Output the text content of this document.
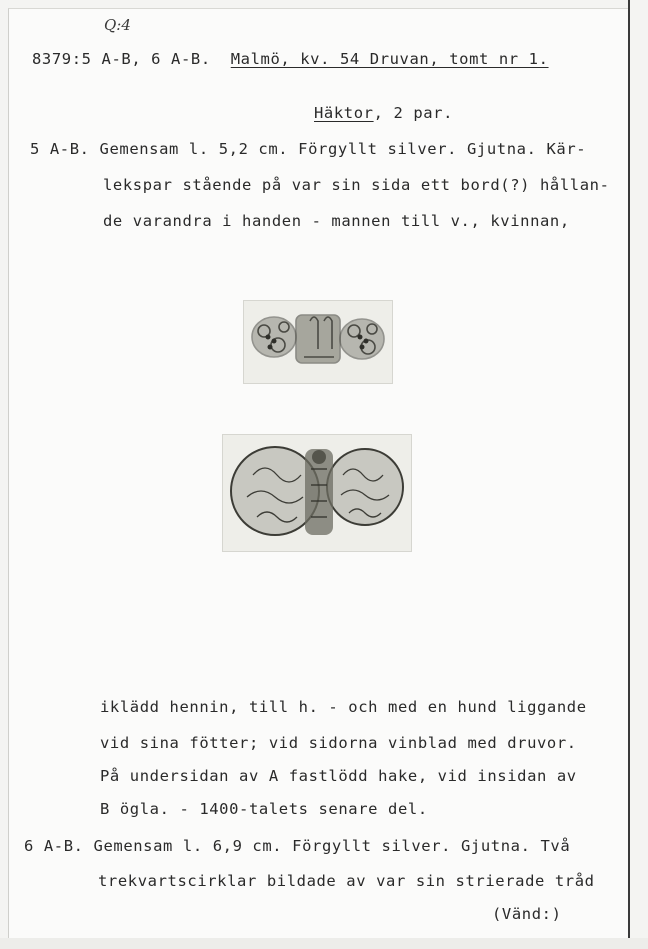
Q:4
8379:5 A-B, 6 A-B. Malmö, kv. 54 Druvan, tomt nr 1.
Häktor, 2 par.
5 A-B. Gemensam l. 5,2 cm. Förgyllt silver. Gjutna. Kär-
lekspar stående på var sin sida ett bord(?) hållan-
de varandra i handen - mannen till v., kvinnan,
iklädd hennin, till h. - och med en hund liggande
vid sina fötter; vid sidorna vinblad med druvor.
På undersidan av A fastlödd hake, vid insidan av
B ögla. - 1400-talets senare del.
6 A-B. Gemensam l. 6,9 cm. Förgyllt silver. Gjutna. Två
trekvartscirklar bildade av var sin strierade tråd
(Vänd:)
